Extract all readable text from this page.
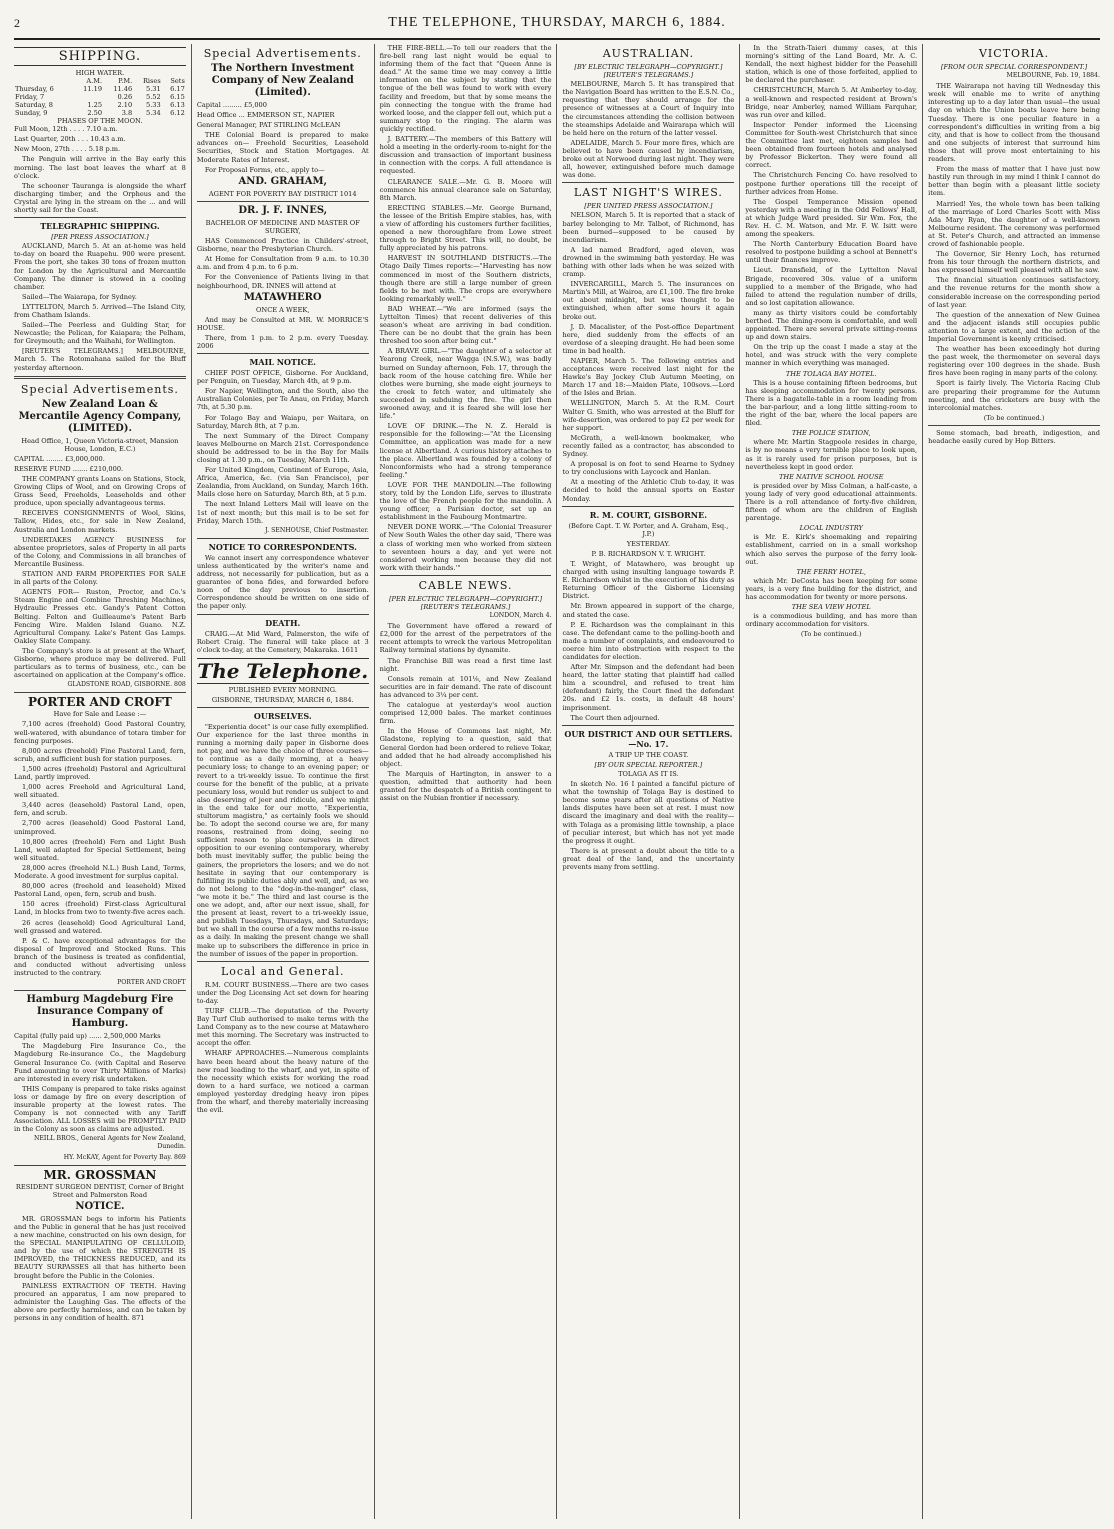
2	THE TELEPHONE, THURSDAY, MARCH 6, 1884.
SHIPPING.
HIGH WATER.
	A.M.	P.M.	Rises	Sets
Thursday, 6	11.19	11.46	5.31	6.17
Friday, 7		0.26	5.52	6.15
Saturday, 8	1.25	2.10	5.33	6.13
Sunday, 9	2.50	3.8	5.34	6.12
PHASES OF THE MOON.

Full Moon, 12th . . . . 7.10 a.m.

Last Quarter, 20th . . . 10.43 a.m.

New Moon, 27th . . . . 5.18 p.m.

The Penguin will arrive in the Bay early this morning. The last boat leaves the wharf at 8 o'clock.

The schooner Tauranga is alongside the wharf discharging timber, and the Orpheus and the Crystal are lying in the stream on the ... and will shortly sail for the Coast.

TELEGRAPHIC SHIPPING.
[PER PRESS ASSOCIATION.]

AUCKLAND, March 5. At an at-home was held to-day on board the Ruapehu. 900 were present. From the port, she takes 30 tons of frozen mutton for London by the Agricultural and Mercantile Company. The dinner is stowed in a cooling chamber.

Sailed—The Waiarapa, for Sydney.

LYTTELTON, March 5. Arrived—The Island City, from Chatham Islands.

Sailed—The Peerless and Gulding Star, for Newcastle; the Pelican, for Kaiapara; the Pelham, for Greymouth; and the Waihahi, for Wellington.

[REUTER'S TELEGRAMS.] MELBOURNE, March 5. The Rotomahana sailed for the Bluff yesterday afternoon.

Special Advertisements.
New Zealand Loan & Mercantile Agency Company, (LIMITED).

Head Office, 1, Queen Victoria-street, Mansion House, London, E.C.)

CAPITAL ........ £3,000,000.

RESERVE FUND ....... £210,000.

THE COMPANY grants Loans on Stations, Stock, Growing Clips of Wool, and on Growing Crops of Grass Seed, Freeholds, Leaseholds and other produce, upon specially advantageous terms.

RECEIVES CONSIGNMENTS of Wool, Skins, Tallow, Hides, etc., for sale in New Zealand, Australia and London markets.

UNDERTAKES AGENCY BUSINESS for absentee proprietors, sales of Property in all parts of the Colony, and Commissions in all branches of Mercantile Business.

STATION AND FARM PROPERTIES FOR SALE in all parts of the Colony.

AGENTS FOR— Ruston, Proctor, and Co.'s Steam Engine and Combine Threshing Machines, Hydraulic Presses etc. Gandy's Patent Cotton Belting. Felton and Guilleaume's Patent Barb Fencing Wire. Malden Island Guano. N.Z. Agricultural Company. Lake's Patent Gas Lamps. Oakley Slate Company.

The Company's store is at present at the Wharf, Gisborne, where produce may be delivered. Full particulars as to terms of business, etc., can be ascertained on application at the Company's office.

GLADSTONE ROAD, GISBORNE. 808

PORTER AND CROFT

Have for Sale and Lease :—

7,100 acres (freehold) Good Pastoral Country, well-watered, with abundance of totara timber for fencing purposes.

8,000 acres (freehold) Fine Pastoral Land, fern, scrub, and sufficient bush for station purposes.

1,500 acres (freehold) Pastoral and Agricultural Land, partly improved.

1,000 acres Freehold and Agricultural Land, well situated.

3,440 acres (leasehold) Pastoral Land, open, fern, and scrub.

2,700 acres (leasehold) Good Pastoral Land, unimproved.

10,800 acres (freehold) Fern and Light Bush Land, well adapted for Special Settlement, being well situated.

28,000 acres (freehold N.L.) Bush Land, Terms, Moderate. A good investment for surplus capital.

80,000 acres (freehold and leasehold) Mixed Pastoral Land, open, fern, scrub and bush.

150 acres (freehold) First-class Agricultural Land, in blocks from two to twenty-five acres each.

26 acres (leasehold) Good Agricultural Land, well grassed and watered.

P. & C. have exceptional advantages for the disposal of Improved and Stocked Runs. This branch of the business is treated as confidential, and conducted without advertising unless instructed to the contrary.

PORTER AND CROFT

Hamburg Magdeburg Fire Insurance Company of Hamburg.

Capital (fully paid up) ...... 2,500,000 Marks

The Magdeburg Fire Insurance Co., the Magdeburg Re-insurance Co., the Magdeburg General Insurance Co. (with Capital and Reserve Fund amounting to over Thirty Millions of Marks) are interested in every risk undertaken.

THIS Company is prepared to take risks against loss or damage by fire on every description of insurable property at the lowest rates. The Company is not connected with any Tariff Association. ALL LOSSES will be PROMPTLY PAID in the Colony as soon as claims are adjusted.

NEILL BROS., General Agents for New Zealand, Dunedin.

HY. McKAY, Agent for Poverty Bay. 869

MR. GROSSMAN

RESIDENT SURGEON DENTIST, Corner of Bright Street and Palmerston Road

NOTICE.

MR. GROSSMAN begs to inform his Patients and the Public in general that he has just received a new machine, constructed on his own design, for the SPECIAL MANIPULATING OF CELLULOID, and by the use of which the STRENGTH IS IMPROVED, the THICKNESS REDUCED, and its BEAUTY SURPASSES all that has hitherto been brought before the Public in the Colonies.

PAINLESS EXTRACTION OF TEETH. Having procured an apparatus, I am now prepared to administer the Laughing Gas. The effects of the above are perfectly harmless, and can be taken by persons in any condition of health. 871

Special Advertisements.
The Northern Investment Company of New Zealand (Limited).

Capital ......... £5,000

Head Office ... EMMERSON ST., NAPIER

General Manager, PAT STIRLING McLEAN

THE Colonial Board is prepared to make advances on— Freehold Securities, Leasehold Securities, Stock and Station Mortgages. At Moderate Rates of Interest.

For Proposal Forms, etc., apply to—

AND. GRAHAM,

AGENT FOR POVERTY BAY DISTRICT 1014

DR. J. F. INNES,

BACHELOR OF MEDICINE AND MASTER OF SURGERY,

HAS Commenced Practice in Childers'-street, Gisborne, near the Presbyterian Church.

At Home for Consultation from 9 a.m. to 10.30 a.m. and from 4 p.m. to 6 p.m.

For the Convenience of Patients living in that neighbourhood, DR. INNES will attend at

MATAWHERO

ONCE A WEEK,

And may be Consulted at MR. W. MORRICE'S HOUSE.

There, from 1 p.m. to 2 p.m. every Tuesday. 2006

MAIL NOTICE.

CHIEF POST OFFICE, Gisborne. For Auckland, per Penguin, on Tuesday, March 4th, at 9 p.m.

For Napier, Wellington, and the South, also the Australian Colonies, per Te Anau, on Friday, March 7th, at 5.30 p.m.

For Tolago Bay and Waiapu, per Waitara, on Saturday, March 8th, at 7 p.m.

The next Summary of the Direct Company leaves Melbourne on March 21st. Correspondence should be addressed to be in the Bay for Mails closing at 1.30 p.m., on Tuesday, March 11th.

For United Kingdom, Continent of Europe, Asia, Africa, America, &c. (via San Francisco), per Zealandia, from Auckland, on Sunday, March 16th. Mails close here on Saturday, March 8th, at 5 p.m.

The next Inland Letters Mail will leave on the 1st of next month; but this mail is to be set for Friday, March 15th.

J. SENHOUSE, Chief Postmaster.

NOTICE TO CORRESPONDENTS.

We cannot insert any correspondence whatever unless authenticated by the writer's name and address, not necessarily for publication, but as a guarantee of bona fides, and forwarded before noon of the day previous to insertion. Correspondence should be written on one side of the paper only.

DEATH.

CRAIG.—At Mid Ward, Palmerston, the wife of Robert Craig. The funeral will take place at 3 o'clock to-day, at the Cemetery, Makaraka. 1611

The Telephone.

PUBLISHED EVERY MORNING.

GISBORNE, THURSDAY, MARCH 6, 1884.

OURSELVES.

"Experientia docet" is our case fully exemplified. Our experience for the last three months in running a morning daily paper in Gisborne does not pay, and we have the choice of three courses—to continue as a daily morning, at a heavy pecuniary loss; to change to an evening paper; or revert to a tri-weekly issue. To continue the first course for the benefit of the public, at a private pecuniary loss, would but render us subject to and also deserving of jeer and ridicule, and we might in the end take for our motto, "Experientia, stultorum magistra," as certainly fools we should be. To adopt the second course we are, for many reasons, restrained from doing, seeing no sufficient reason to place ourselves in direct opposition to our evening contemporary, whereby both must inevitably suffer, the public being the gainers, the proprietors the losers; and we do not hesitate in saying that our contemporary is fulfilling its public duties ably and well, and, as we do not belong to the "dog-in-the-manger" class, "we mote it be." The third and last course is the one we adopt, and, after our next issue, shall, for the present at least, revert to a tri-weekly issue, and publish Tuesdays, Thursdays, and Saturdays; but we shall in the course of a few months re-issue as a daily. In making the present change we shall make up to subscribers the difference in price in the number of issues of the paper in proportion.

Local and General.

R.M. COURT BUSINESS.—There are two cases under the Dog Licensing Act set down for hearing to-day.

TURF CLUB.—The deputation of the Poverty Bay Turf Club authorised to make terms with the Land Company as to the new course at Matawhero met this morning. The Secretary was instructed to accept the offer.

WHARF APPROACHES.—Numerous complaints have been heard about the heavy nature of the new road leading to the wharf, and yet, in spite of the necessity which exists for working the road down to a hard surface, we noticed a carman employed yesterday dredging heavy iron pipes from the wharf, and thereby materially increasing the evil.

THE FIRE-BELL.—To tell our readers that the fire-bell rang last night would be equal to informing them of the fact that "Queen Anne is dead." At the same time we may convey a little information on the subject by stating that the tongue of the bell was found to work with every facility and freedom, but that by some means the pin connecting the tongue with the frame had worked loose, and the clapper fell out, which put a summary stop to the ringing. The alarm was quickly rectified.

J. BATTERY.—The members of this Battery will hold a meeting in the orderly-room to-night for the discussion and transaction of important business in connection with the corps. A full attendance is requested.

CLEARANCE SALE.—Mr. G. B. Moore will commence his annual clearance sale on Saturday, 8th March.

ERECTING STABLES.—Mr. George Burnand, the lessee of the British Empire stables, has, with a view of affording his customers further facilities, opened a new thoroughfare from Lowe street through to Bright Street. This will, no doubt, be fully appreciated by his patrons.

HARVEST IN SOUTHLAND DISTRICTS.—The Otago Daily Times reports:—"Harvesting has now commenced in most of the Southern districts, though there are still a large number of green fields to be met with. The crops are everywhere looking remarkably well."

BAD WHEAT.—"We are informed (says the Lyttelton Times) that recent deliveries of this season's wheat are arriving in bad condition. There can be no doubt that the grain has been threshed too soon after being cut."

A BRAVE GIRL.—"The daughter of a selector at Yearong Creek, near Wagga (N.S.W.), was badly burned on Sunday afternoon, Feb. 17, through the back room of the house catching fire. While her clothes were burning, she made eight journeys to the creek to fetch water, and ultimately she succeeded in subduing the fire. The girl then swooned away, and it is feared she will lose her life."

LOVE OF DRINK.—The N. Z. Herald is responsible for the following:—"At the Licensing Committee, an application was made for a new license at Albertland. A curious history attaches to the place. Albertland was founded by a colony of Nonconformists who had a strong temperance feeling."

LOVE FOR THE MANDOLIN.—The following story, told by the London Life, serves to illustrate the love of the French people for the mandolin. A young officer, a Parisian doctor, set up an establishment in the Faubourg Montmartre.

NEVER DONE WORK.—"The Colonial Treasurer of New South Wales the other day said, 'There was a class of working men who worked from sixteen to seventeen hours a day, and yet were not considered working men because they did not work with their hands.'"

CABLE NEWS.
[PER ELECTRIC TELEGRAPH—COPYRIGHT.] [REUTER'S TELEGRAMS.]

LONDON, March 4.

The Government have offered a reward of £2,000 for the arrest of the perpetrators of the recent attempts to wreck the various Metropolitan Railway terminal stations by dynamite.

The Franchise Bill was read a first time last night.

Consols remain at 101⅛, and New Zealand securities are in fair demand. The rate of discount has advanced to 3¼ per cent.

The catalogue at yesterday's wool auction comprised 12,000 bales. The market continues firm.

In the House of Commons last night, Mr. Gladstone, replying to a question, said that General Gordon had been ordered to relieve Tokar, and added that he had already accomplished his object.

The Marquis of Hartington, in answer to a question, admitted that authority had been granted for the despatch of a British contingent to assist on the Nubian frontier if necessary.

AUSTRALIAN.
[BY ELECTRIC TELEGRAPH—COPYRIGHT.] [REUTER'S TELEGRAMS.]

MELBOURNE, March 5. It has transpired that the Navigation Board has written to the E.S.N. Co., requesting that they should arrange for the presence of witnesses at a Court of Inquiry into the circumstances attending the collision between the steamships Adelaide and Wairarapa which will be held here on the return of the latter vessel.

ADELAIDE, March 5. Four more fires, which are believed to have been caused by incendiarism, broke out at Norwood during last night. They were all, however, extinguished before much damage was done.

LAST NIGHT'S WIRES.
[PER UNITED PRESS ASSOCIATION.]

NELSON, March 5. It is reported that a stack of barley belonging to Mr. Talbot, of Richmond, has been burned—supposed to be caused by incendiarism.

A lad named Bradford, aged eleven, was drowned in the swimming bath yesterday. He was bathing with other lads when he was seized with cramp.

INVERCARGILL, March 5. The insurances on Martin's Mill, at Wairoa, are £1,100. The fire broke out about midnight, but was thought to be extinguished, when after some hours it again broke out.

J. D. Macalister, of the Post-office Department here, died suddenly from the effects of an overdose of a sleeping draught. He had been some time in bad health.

NAPIER, March 5. The following entries and acceptances were received last night for the Hawke's Bay Jockey Club Autumn Meeting, on March 17 and 18:—Maiden Plate, 100sovs.—Lord of the Isles and Brian.

WELLINGTON, March 5. At the R.M. Court Walter G. Smith, who was arrested at the Bluff for wife-desertion, was ordered to pay £2 per week for her support.

McGrath, a well-known bookmaker, who recently failed as a contractor, has absconded to Sydney.

A proposal is on foot to send Hearne to Sydney to try conclusions with Laycock and Hanlan.

At a meeting of the Athletic Club to-day, it was decided to hold the annual sports on Easter Monday.

R. M. COURT, GISBORNE.

(Before Capt. T. W. Porter, and A. Graham, Esq., J.P.)

YESTERDAY.

P. B. RICHARDSON V. T. WRIGHT.

T. Wright, of Matawhero, was brought up charged with using insulting language towards P. E. Richardson whilst in the execution of his duty as Returning Officer of the Gisborne Licensing District.

Mr. Brown appeared in support of the charge, and stated the case.

P. E. Richardson was the complainant in this case. The defendant came to the polling-booth and made a number of complaints, and endeavoured to coerce him into obstruction with respect to the candidates for election.

After Mr. Simpson and the defendant had been heard, the latter stating that plaintiff had called him a scoundrel, and refused to treat him (defendant) fairly, the Court fined the defendant 20s. and £2 1s. costs, in default 48 hours' imprisonment.

The Court then adjourned.

OUR DISTRICT AND OUR SETTLERS.—No. 17.

A TRIP UP THE COAST.

[BY OUR SPECIAL REPORTER.]

TOLAGA AS IT IS.

In sketch No. 16 I painted a fanciful picture of what the township of Tolaga Bay is destined to become some years after all questions of Native lands disputes have been set at rest. I must now discard the imaginary and deal with the reality—with Tolaga as a promising little township, a place of peculiar interest, but which has not yet made the progress it ought.

There is at present a doubt about the title to a great deal of the land, and the uncertainty prevents many from settling.

In the Strath-Taieri dummy cases, at this morning's sitting of the Land Board, Mr. A. C. Kendall, the next highest bidder for the Peasehill station, which is one of those forfeited, applied to be declared the purchaser.

CHRISTCHURCH, March 5. At Amberley to-day, a well-known and respected resident at Brown's Bridge, near Amberley, named William Farquhar, was run over and killed.

Inspector Pender informed the Licensing Committee for South-west Christchurch that since the Committee last met, eighteen samples had been obtained from fourteen hotels and analysed by Professor Bickerton. They were found all correct.

The Christchurch Fencing Co. have resolved to postpone further operations till the receipt of further advices from Home.

The Gospel Temperance Mission opened yesterday with a meeting in the Odd Fellows' Hall, at which Judge Ward presided. Sir Wm. Fox, the Rev. H. C. M. Watson, and Mr. F. W. Isitt were among the speakers.

The North Canterbury Education Board have resolved to postpone building a school at Bennett's until their finances improve.

Lieut. Dransfield, of the Lyttelton Naval Brigade, recovered 30s. value of a uniform supplied to a member of the Brigade, who had failed to attend the regulation number of drills, and so lost capitation allowance.

many as thirty visitors could be comfortably berthed. The dining-room is comfortable, and well appointed. There are several private sitting-rooms up and down stairs.

On the trip up the coast I made a stay at the hotel, and was struck with the very complete manner in which everything was managed.

THE TOLAGA BAY HOTEL.

This is a house containing fifteen bedrooms, but has sleeping accommodation for twenty persons. There is a bagatelle-table in a room leading from the bar-parlour, and a long little sitting-room to the right of the bar, where the local papers are filed.

THE POLICE STATION,

where Mr. Martin Stagpoole resides in charge, is by no means a very ternible place to look upon, as it is rarely used for prison purposes, but is nevertheless kept in good order.

THE NATIVE SCHOOL HOUSE

is presided over by Miss Colman, a half-caste, a young lady of very good educational attainments. There is a roll attendance of forty-five children, fifteen of whom are the children of English parentage.

LOCAL INDUSTRY

is Mr. E. Kirk's shoemaking and repairing establishment, carried on in a small workshop which also serves the purpose of the ferry look-out.

THE FERRY HOTEL,

which Mr. DeCosta has been keeping for some years, is a very fine building for the district, and has accommodation for twenty or more persons.

THE SEA VIEW HOTEL

is a commodious building, and has more than ordinary accommodation for visitors.

(To be continued.)

VICTORIA.
[FROM OUR SPECIAL CORRESPONDENT.]

MELBOURNE, Feb. 19, 1884.

THE Wairarapa not having till Wednesday this week will enable me to write of anything interesting up to a day later than usual—the usual day on which the Union boats leave here being Tuesday. There is one peculiar feature in a correspondent's difficulties in writing from a big city, and that is how to collect from the thousand and one subjects of interest that surround him those that will prove most entertaining to his readers.

From the mass of matter that I have just now hastily run through in my mind I think I cannot do better than begin with a pleasant little society item.

Married! Yes, the whole town has been talking of the marriage of Lord Charles Scott with Miss Ada Mary Ryan, the daughter of a well-known Melbourne resident. The ceremony was performed at St. Peter's Church, and attracted an immense crowd of fashionable people.

The Governor, Sir Henry Loch, has returned from his tour through the northern districts, and has expressed himself well pleased with all he saw.

The financial situation continues satisfactory, and the revenue returns for the month show a considerable increase on the corresponding period of last year.

The question of the annexation of New Guinea and the adjacent islands still occupies public attention to a large extent, and the action of the Imperial Government is keenly criticised.

The weather has been exceedingly hot during the past week, the thermometer on several days registering over 100 degrees in the shade. Bush fires have been raging in many parts of the colony.

Sport is fairly lively. The Victoria Racing Club are preparing their programme for the Autumn meeting, and the cricketers are busy with the intercolonial matches.

(To be continued.)

Some stomach, bad breath, indigestion, and headache easily cured by Hop Bitters.
